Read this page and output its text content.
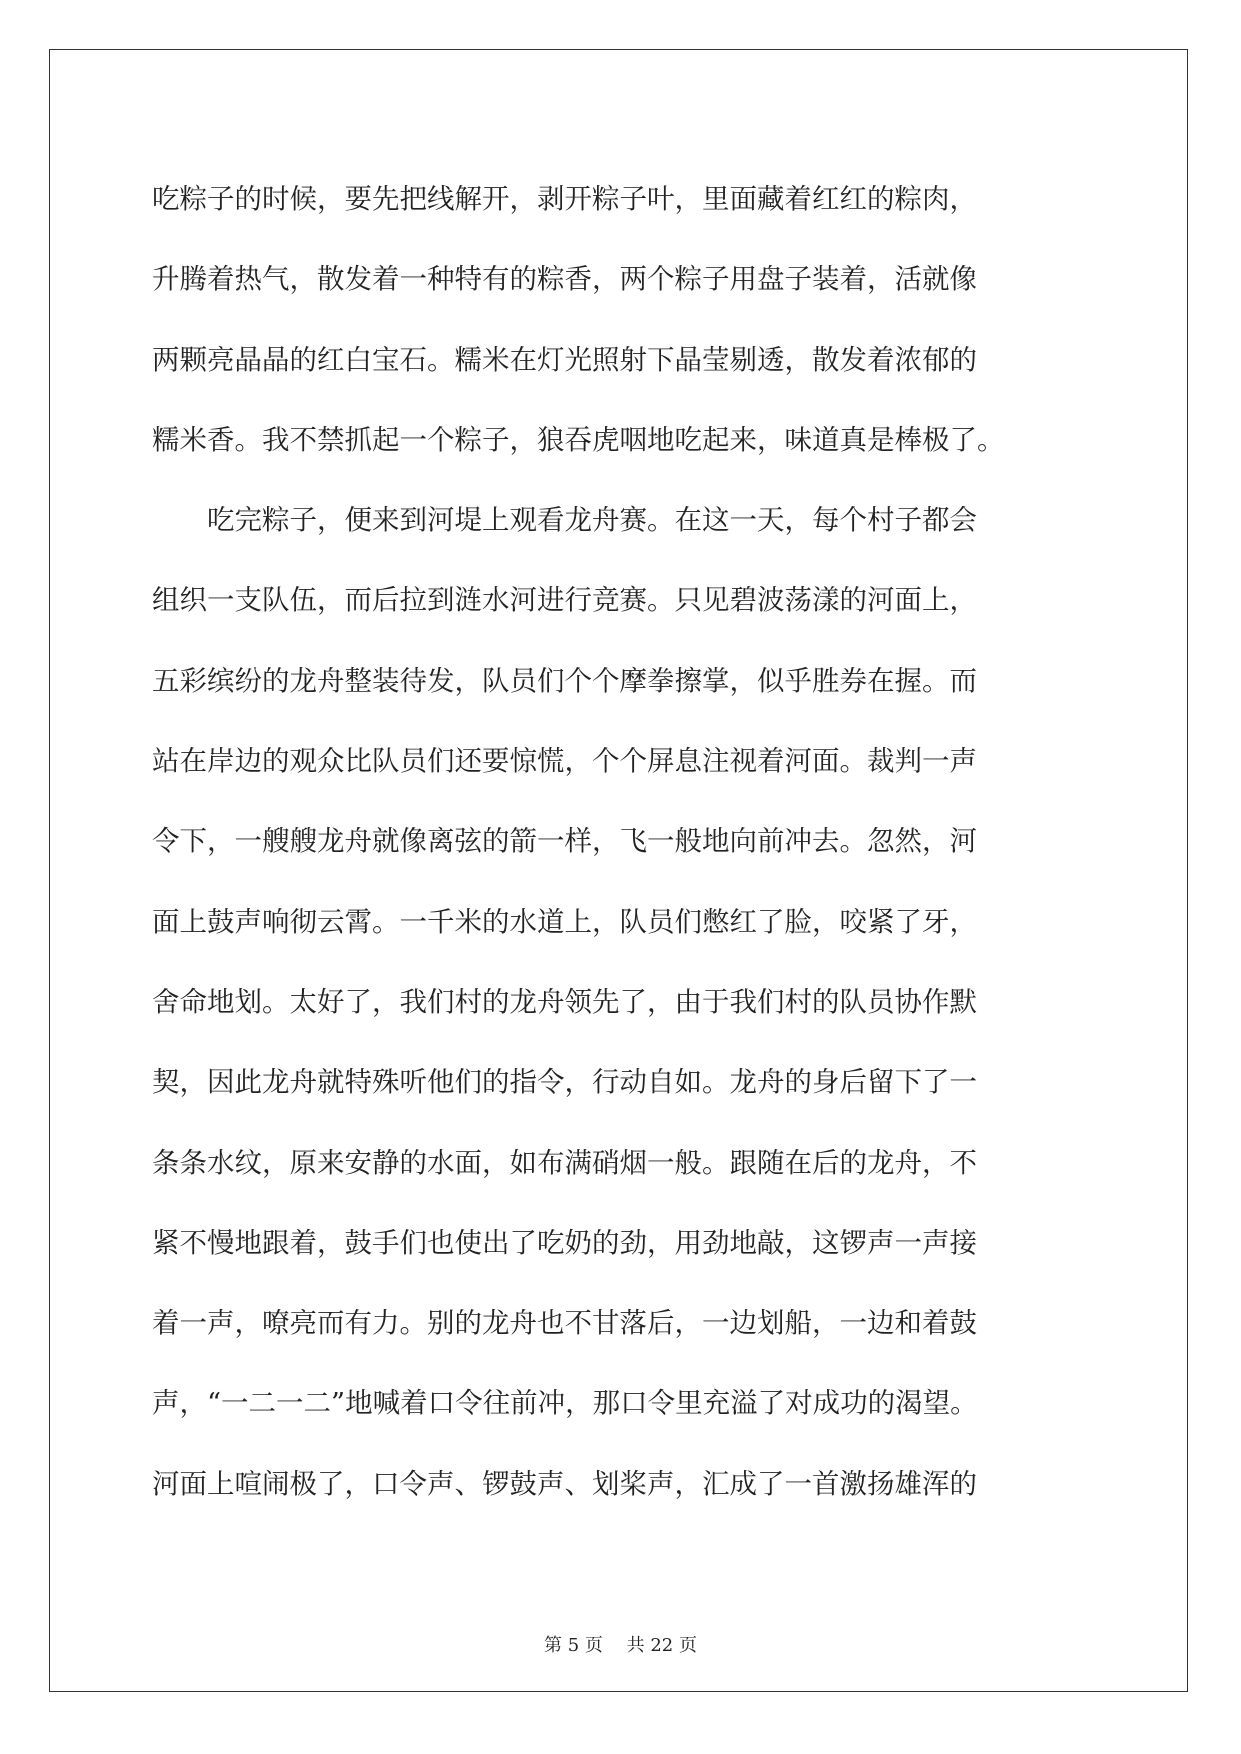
吃粽子的时候，要先把线解开，剥开粽子叶，里面藏着红红的粽肉，
升腾着热气，散发着一种特有的粽香，两个粽子用盘子装着，活就像
两颗亮晶晶的红白宝石。糯米在灯光照射下晶莹剔透，散发着浓郁的
糯米香。我不禁抓起一个粽子，狼吞虎咽地吃起来，味道真是棒极了。
　　吃完粽子，便来到河堤上观看龙舟赛。在这一天，每个村子都会
组织一支队伍，而后拉到涟水河进行竞赛。只见碧波荡漾的河面上，
五彩缤纷的龙舟整装待发，队员们个个摩拳擦掌，似乎胜券在握。而
站在岸边的观众比队员们还要惊慌，个个屏息注视着河面。裁判一声
令下，一艘艘龙舟就像离弦的箭一样，飞一般地向前冲去。忽然，河
面上鼓声响彻云霄。一千米的水道上，队员们憋红了脸，咬紧了牙，
舍命地划。太好了，我们村的龙舟领先了，由于我们村的队员协作默
契，因此龙舟就特殊听他们的指令，行动自如。龙舟的身后留下了一
条条水纹，原来安静的水面，如布满硝烟一般。跟随在后的龙舟，不
紧不慢地跟着，鼓手们也使出了吃奶的劲，用劲地敲，这锣声一声接
着一声，嘹亮而有力。别的龙舟也不甘落后，一边划船，一边和着鼓
声，“一二一二”地喊着口令往前冲，那口令里充溢了对成功的渴望。
河面上喧闹极了，口令声、锣鼓声、划桨声，汇成了一首激扬雄浑的
第 5 页　 共 22 页
